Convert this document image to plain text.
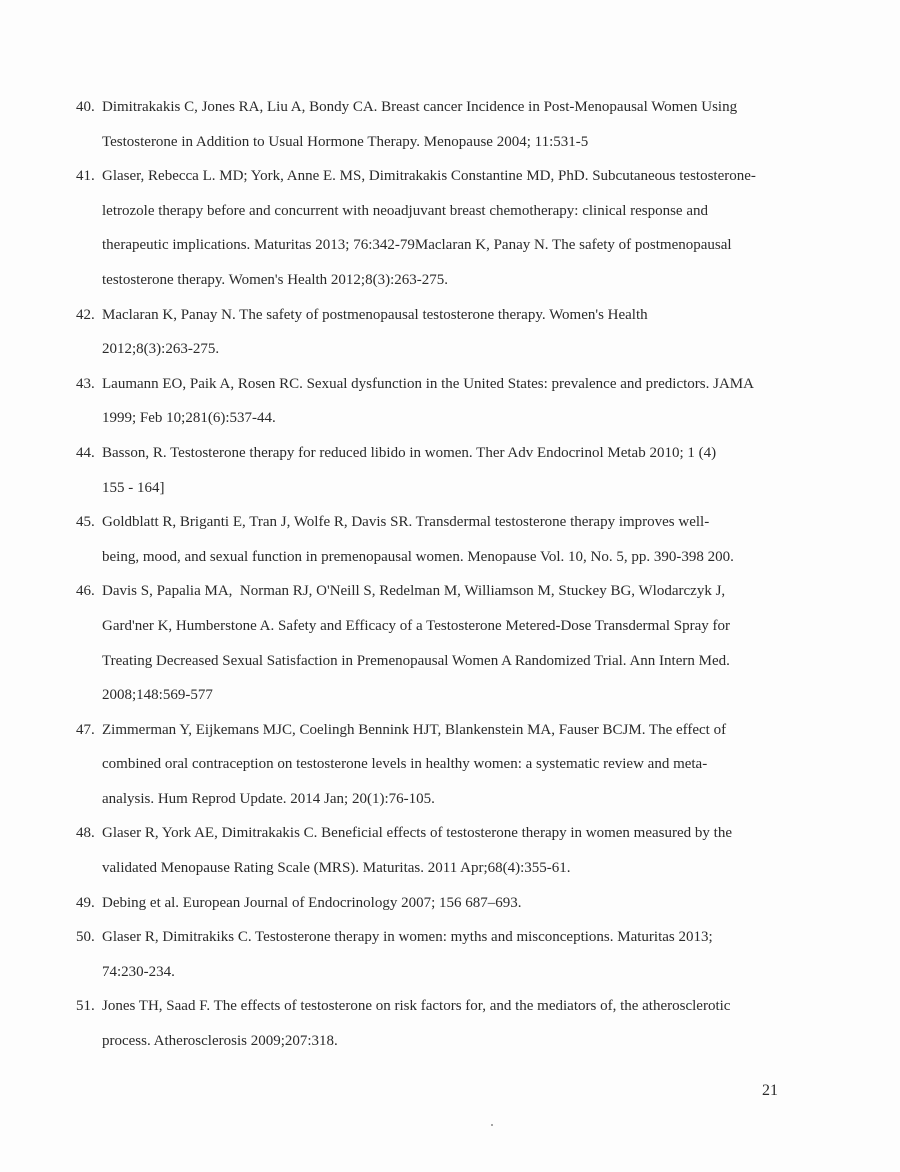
40. Dimitrakakis C, Jones RA, Liu A, Bondy CA. Breast cancer Incidence in Post-Menopausal Women Using
Testosterone in Addition to Usual Hormone Therapy. Menopause 2004; 11:531-5
41. Glaser, Rebecca L. MD; York, Anne E. MS, Dimitrakakis Constantine MD, PhD. Subcutaneous testosterone-
letrozole therapy before and concurrent with neoadjuvant breast chemotherapy: clinical response and
therapeutic implications. Maturitas 2013; 76:342-79Maclaran K, Panay N. The safety of postmenopausal
testosterone therapy. Women's Health 2012;8(3):263-275.
42. Maclaran K, Panay N. The safety of postmenopausal testosterone therapy. Women's Health
2012;8(3):263-275.
43. Laumann EO, Paik A, Rosen RC. Sexual dysfunction in the United States: prevalence and predictors. JAMA
1999; Feb 10;281(6):537-44.
44. Basson, R. Testosterone therapy for reduced libido in women. Ther Adv Endocrinol Metab 2010; 1 (4)
155 - 164]
45. Goldblatt R, Briganti E, Tran J, Wolfe R, Davis SR. Transdermal testosterone therapy improves well-
being, mood, and sexual function in premenopausal women. Menopause Vol. 10, No. 5, pp. 390-398 200.
46. Davis S, Papalia MA,  Norman RJ, O'Neill S, Redelman M, Williamson M, Stuckey BG, Wlodarczyk J,
Gard'ner K, Humberstone A. Safety and Efficacy of a Testosterone Metered-Dose Transdermal Spray for
Treating Decreased Sexual Satisfaction in Premenopausal Women A Randomized Trial. Ann Intern Med.
2008;148:569-577
47. Zimmerman Y, Eijkemans MJC, Coelingh Bennink HJT, Blankenstein MA, Fauser BCJM. The effect of
combined oral contraception on testosterone levels in healthy women: a systematic review and meta-
analysis. Hum Reprod Update. 2014 Jan; 20(1):76-105.
48. Glaser R, York AE, Dimitrakakis C. Beneficial effects of testosterone therapy in women measured by the
validated Menopause Rating Scale (MRS). Maturitas. 2011 Apr;68(4):355-61.
49. Debing et al. European Journal of Endocrinology 2007; 156 687–693.
50. Glaser R, Dimitrakiks C. Testosterone therapy in women: myths and misconceptions. Maturitas 2013;
74:230-234.
51. Jones TH, Saad F. The effects of testosterone on risk factors for, and the mediators of, the atherosclerotic
process. Atherosclerosis 2009;207:318.
21
